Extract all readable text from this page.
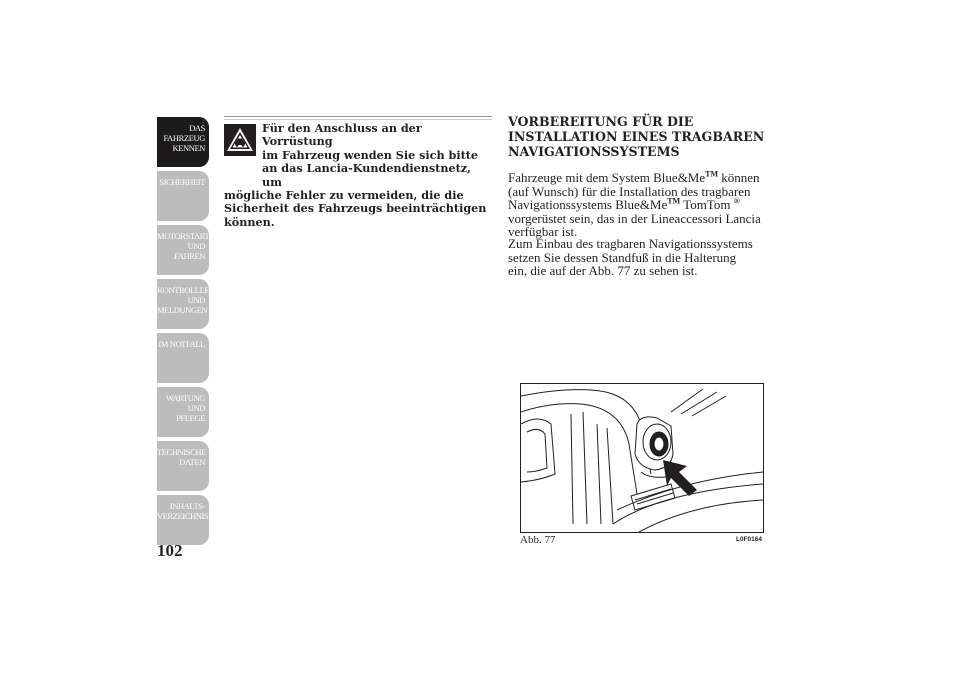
DAS FAHRZEUG
KENNEN
SICHERHEIT
MOTORSTART UND
FAHREN
KONTROLLLEUCHTEN
UND MELDUNGEN
IM NOTFALL
WARTUNG UND
PFLEGE
TECHNISCHE
DATEN
INHALTS-
VERZEICHNIS
102
Für den Anschluss an der Vorrüstung
im Fahrzeug wenden Sie sich bitte
an das Lancia-Kundendienstnetz, um
mögliche Fehler zu vermeiden, die die
Sicherheit des Fahrzeugs beeinträchtigen
können.
VORBEREITUNG FÜR DIE
INSTALLATION EINES TRAGBAREN
NAVIGATIONSSYSTEMS

Fahrzeuge mit dem System Blue&Me™ können
(auf Wunsch) für die Installation des tragbaren
Navigationssystems Blue&Me™ TomTom ®
vorgerüstet sein, das in der Lineaccessori Lancia
verfügbar ist.

Zum Einbau des tragbaren Navigationssystems
setzen Sie dessen Standfuß in die Halterung
ein, die auf der Abb. 77 zu sehen ist.

Abb. 77	L0F0164
